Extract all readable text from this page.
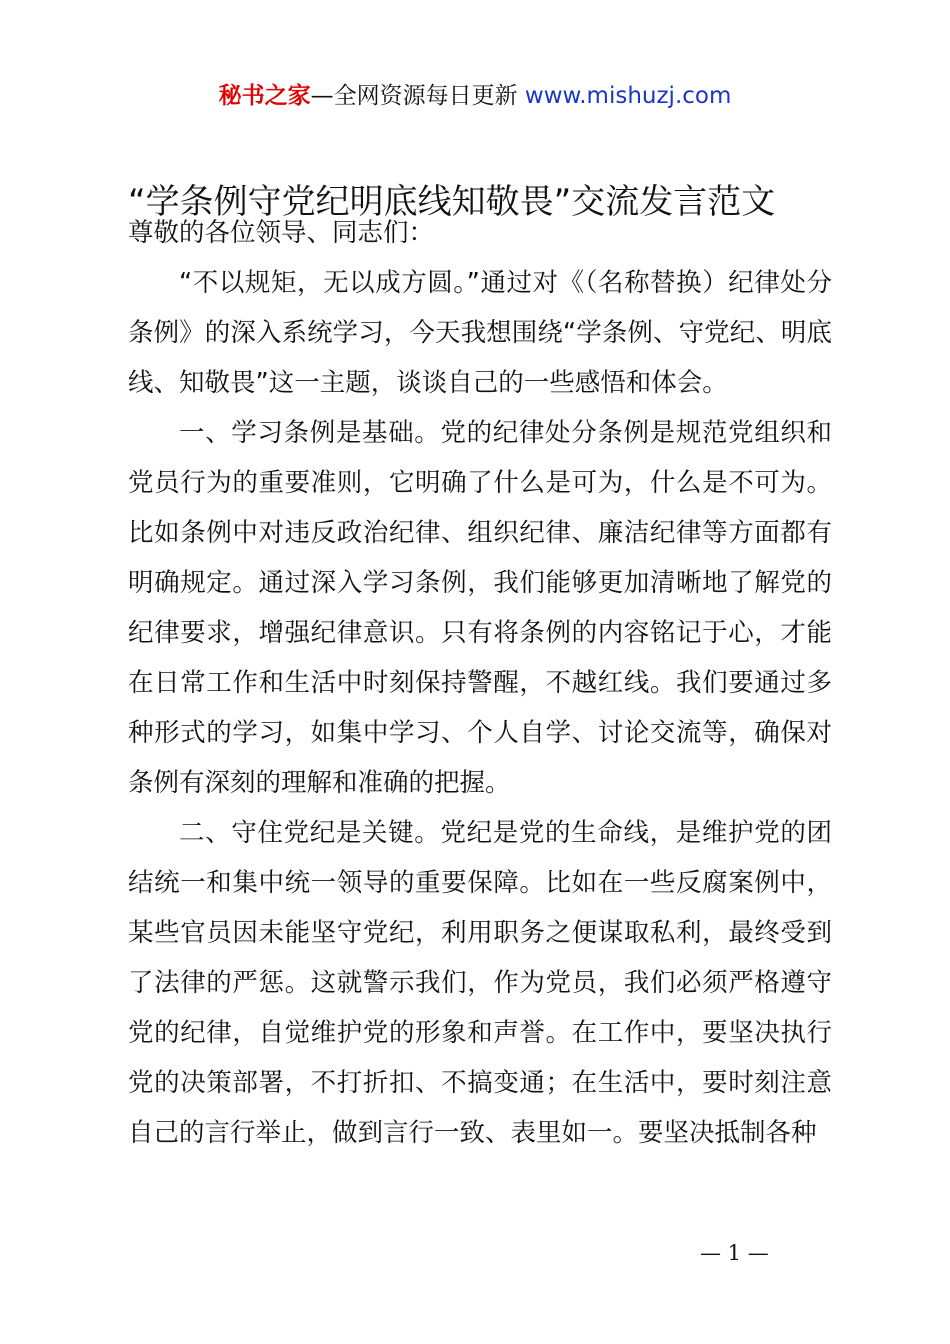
秘书之家—全网资源每日更新 www.mishuzj.com
“学条例守党纪明底线知敬畏”交流发言范文

尊敬的各位领导、同志们：

“不以规矩，无以成方圆。”通过对《（名称替换）纪律处分条例》的深入系统学习，今天我想围绕“学条例、守党纪、明底线、知敬畏”这一主题，谈谈自己的一些感悟和体会。

一、学习条例是基础。党的纪律处分条例是规范党组织和党员行为的重要准则，它明确了什么是可为，什么是不可为。比如条例中对违反政治纪律、组织纪律、廉洁纪律等方面都有明确规定。通过深入学习条例，我们能够更加清晰地了解党的纪律要求，增强纪律意识。只有将条例的内容铭记于心，才能在日常工作和生活中时刻保持警醒，不越红线。我们要通过多种形式的学习，如集中学习、个人自学、讨论交流等，确保对条例有深刻的理解和准确的把握。

二、守住党纪是关键。党纪是党的生命线，是维护党的团结统一和集中统一领导的重要保障。比如在一些反腐案例中，某些官员因未能坚守党纪，利用职务之便谋取私利，最终受到了法律的严惩。这就警示我们，作为党员，我们必须严格遵守党的纪律，自觉维护党的形象和声誉。在工作中，要坚决执行党的决策部署，不打折扣、不搞变通；在生活中，要时刻注意自己的言行举止，做到言行一致、表里如一。要坚决抵制各种

— 1 —
